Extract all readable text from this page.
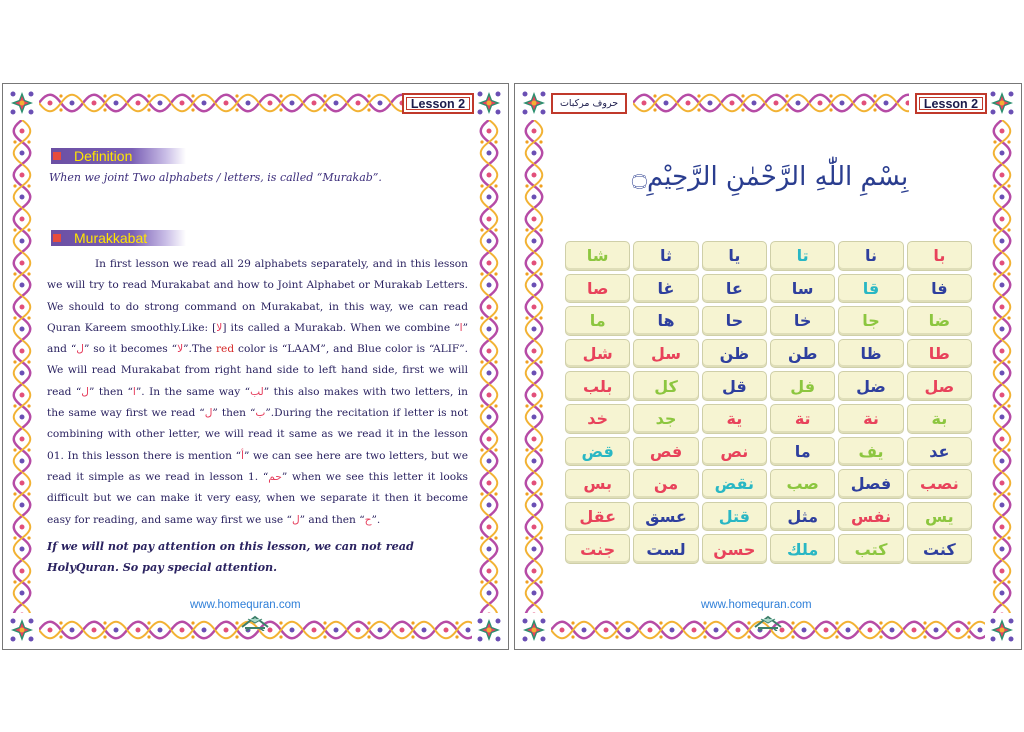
Lesson 2
Definition
When we joint Two alphabets / letters, is called “Murakab”.
Murakkabat

In first lesson we read all 29 alphabets separately, and in this lesson we will try to read Murakabat and how to Joint Alphabet or Murakab Letters. We should to do strong command on Murakabat, in this way, we can read Quran Kareem smoothly.Like: [لا] its called a Murakab. When we combine “ا” and “ل” so it becomes “لا”.The red color is “LAAM”, and Blue color is “ALIF”. We will read Murakabat from right hand side to left hand side, first we will read “ل” then “ا”. In the same way “لب” this also makes with two letters, in the same way first we read “ل” then “ب”.During the recitation if letter is not combining with other letter, we will read it same as we read it in the lesson 01. In this lesson there is mention “أ” we can see here are two letters, but we read it simple as we read in lesson 1. “حم” when we see this letter it looks difficult but we can make it very easy, when we separate it then it become easy for reading, and same way first we use “ل” and then “ح”.

If we will not pay attention on this lesson, we can not read HolyQuran. So pay special attention.
www.homequran.com
حروف مرکبات	Lesson 2
بِسْمِ اللّٰهِ الرَّحْمٰنِ الرَّحِيْمِ۝
با
نا
تا
يا
ثا
شا
فا
قا
سا
عا
غا
صا
ضا
جا
خا
حا
ها
ما
طا
ظا
طن
ظن
سل
شل
صل
ضل
فل
قل
كل
بلب
بة
نة
تة
ية
جد
خد
عد
يف
ما
نص
فص
قض
نصب
فصل
صب
نقض
من
بس
يس
نفس
مثل
قتل
عسق
عقل
كنت
كتب
ملك
حسن
لست
جنت
www.homequran.com
